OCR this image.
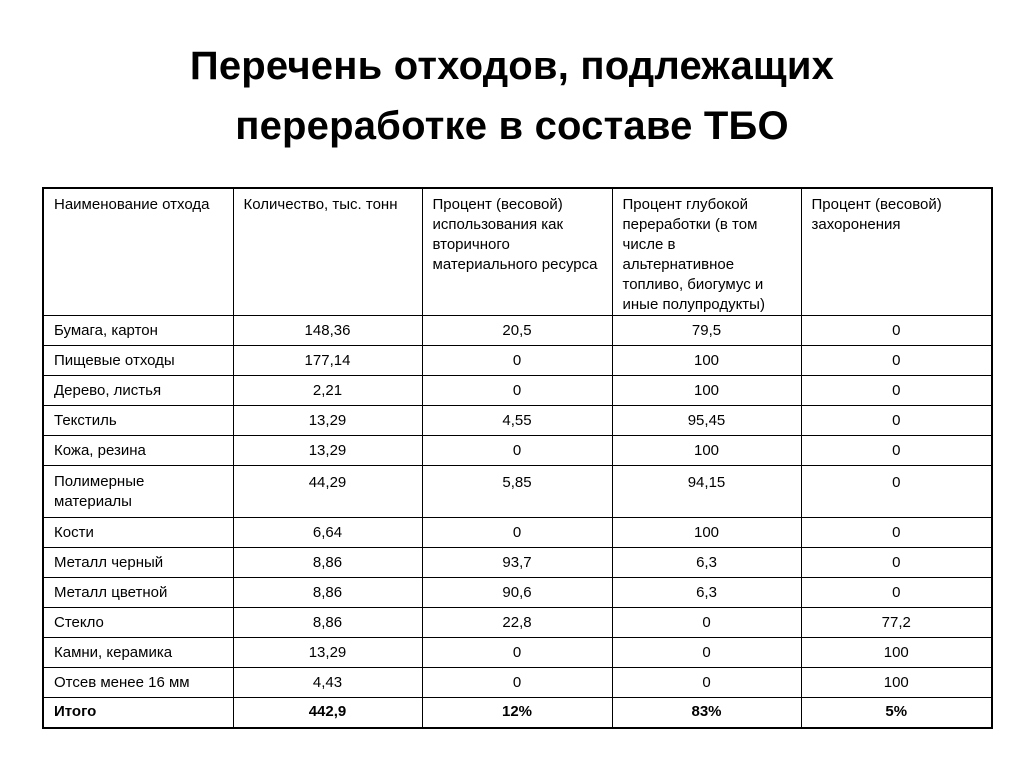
Перечень отходов, подлежащих
переработке в составе ТБО
Наименование отхода	Количество, тыс. тонн	Процент (весовой) использования как вторичного материального ресурса	Процент глубокой переработки (в том числе в альтернативное топливо, биогумус и иные полупродукты)	Процент (весовой) захоронения
Бумага, картон	148,36	20,5	79,5	0
Пищевые отходы	177,14	0	100	0
Дерево, листья	2,21	0	100	0
Текстиль	13,29	4,55	95,45	0
Кожа, резина	13,29	0	100	0
Полимерные материалы	44,29	5,85	94,15	0
Кости	6,64	0	100	0
Металл черный	8,86	93,7	6,3	0
Металл цветной	8,86	90,6	6,3	0
Стекло	8,86	22,8	0	77,2
Камни, керамика	13,29	0	0	100
Отсев менее 16 мм	4,43	0	0	100
Итого	442,9	12%	83%	5%
